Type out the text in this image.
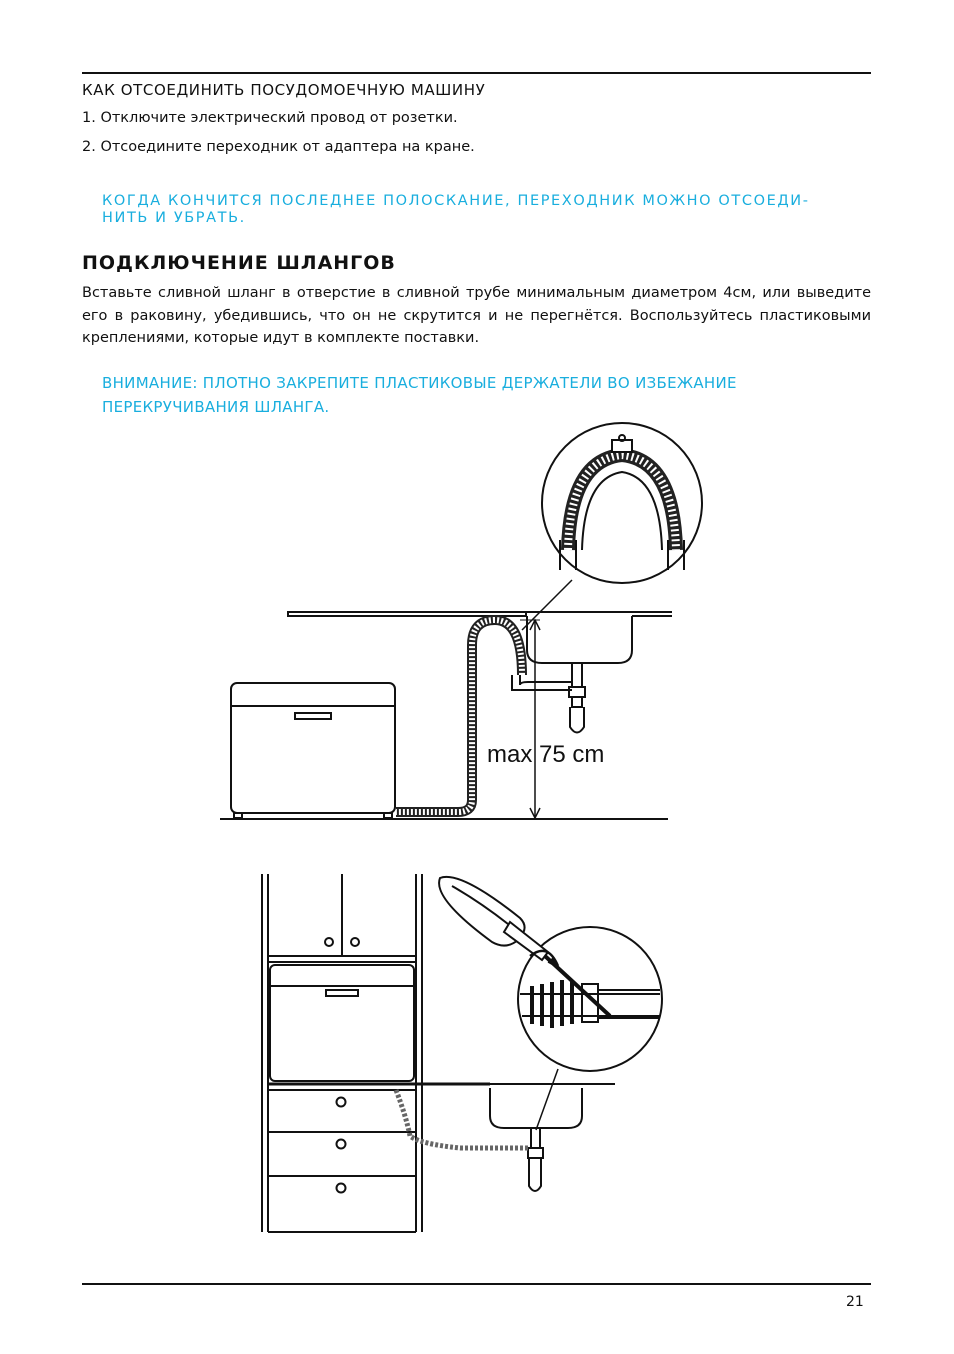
КАК ОТСОЕДИНИТЬ ПОСУДОМОЕЧНУЮ МАШИНУ

1. Отключите электрический провод от розетки.

2. Отсоедините переходник от адаптера на кране.

КОГДА КОНЧИТСЯ ПОСЛЕДНЕЕ ПОЛОСКАНИЕ, ПЕРЕХОДНИК МОЖНО ОТСОЕДИ-
НИТЬ И УБРАТЬ.

ПОДКЛЮЧЕНИЕ ШЛАНГОВ

Вставьте сливной шланг в отверстие в сливной трубе минимальным диаметром 4см, или выведите его в раковину, убедившись, что он не скрутится и не перегнётся. Воспользуйтесь пластиковыми креплениями, которые идут в комплекте поставки.

ВНИМАНИЕ: ПЛОТНО ЗАКРЕПИТЕ ПЛАСТИКОВЫЕ ДЕРЖАТЕЛИ ВО ИЗБЕЖАНИЕ
ПЕРЕКРУЧИВАНИЯ ШЛАНГА.
max 75 cm
21
